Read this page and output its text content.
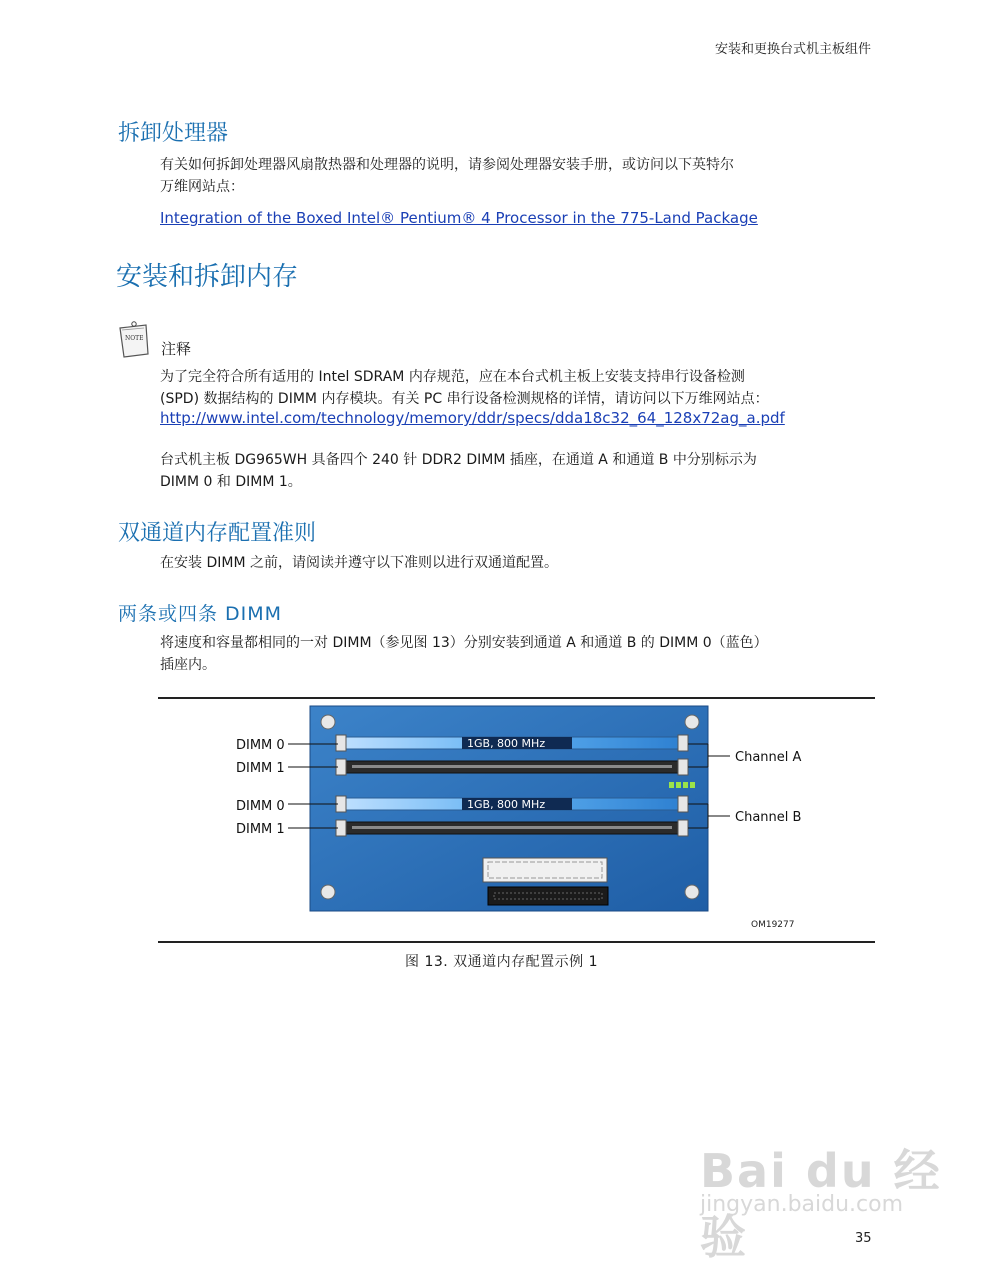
安装和更换台式机主板组件
拆卸处理器

有关如何拆卸处理器风扇散热器和处理器的说明，请参阅处理器安装手册，或访问以下英特尔

万维网站点：

Integration of the Boxed Intel® Pentium® 4 Processor in the 775-Land Package
安装和拆卸内存
NOTE
注释

为了完全符合所有适用的 Intel SDRAM 内存规范，应在本台式机主板上安装支持串行设备检测

(SPD) 数据结构的 DIMM 内存模块。有关 PC 串行设备检测规格的详情，请访问以下万维网站点：

http://www.intel.com/technology/memory/ddr/specs/dda18c32_64_128x72ag_a.pdf

台式机主板 DG965WH 具备四个 240 针 DDR2 DIMM 插座，在通道 A 和通道 B 中分别标示为

DIMM 0 和 DIMM 1。

双通道内存配置准则

在安装 DIMM 之前，请阅读并遵守以下准则以进行双通道配置。

两条或四条 DIMM

将速度和容量都相同的一对 DIMM（参见图 13）分别安装到通道 A 和通道 B 的 DIMM 0（蓝色）

插座内。

1GB, 800 MHz
1GB, 800 MHz
DIMM 0
DIMM 1
DIMM 0
DIMM 1
Channel A
Channel B
OM19277
图 13. 双通道内存配置示例 1
Bai du 经验
jingyan.baidu.com
35
